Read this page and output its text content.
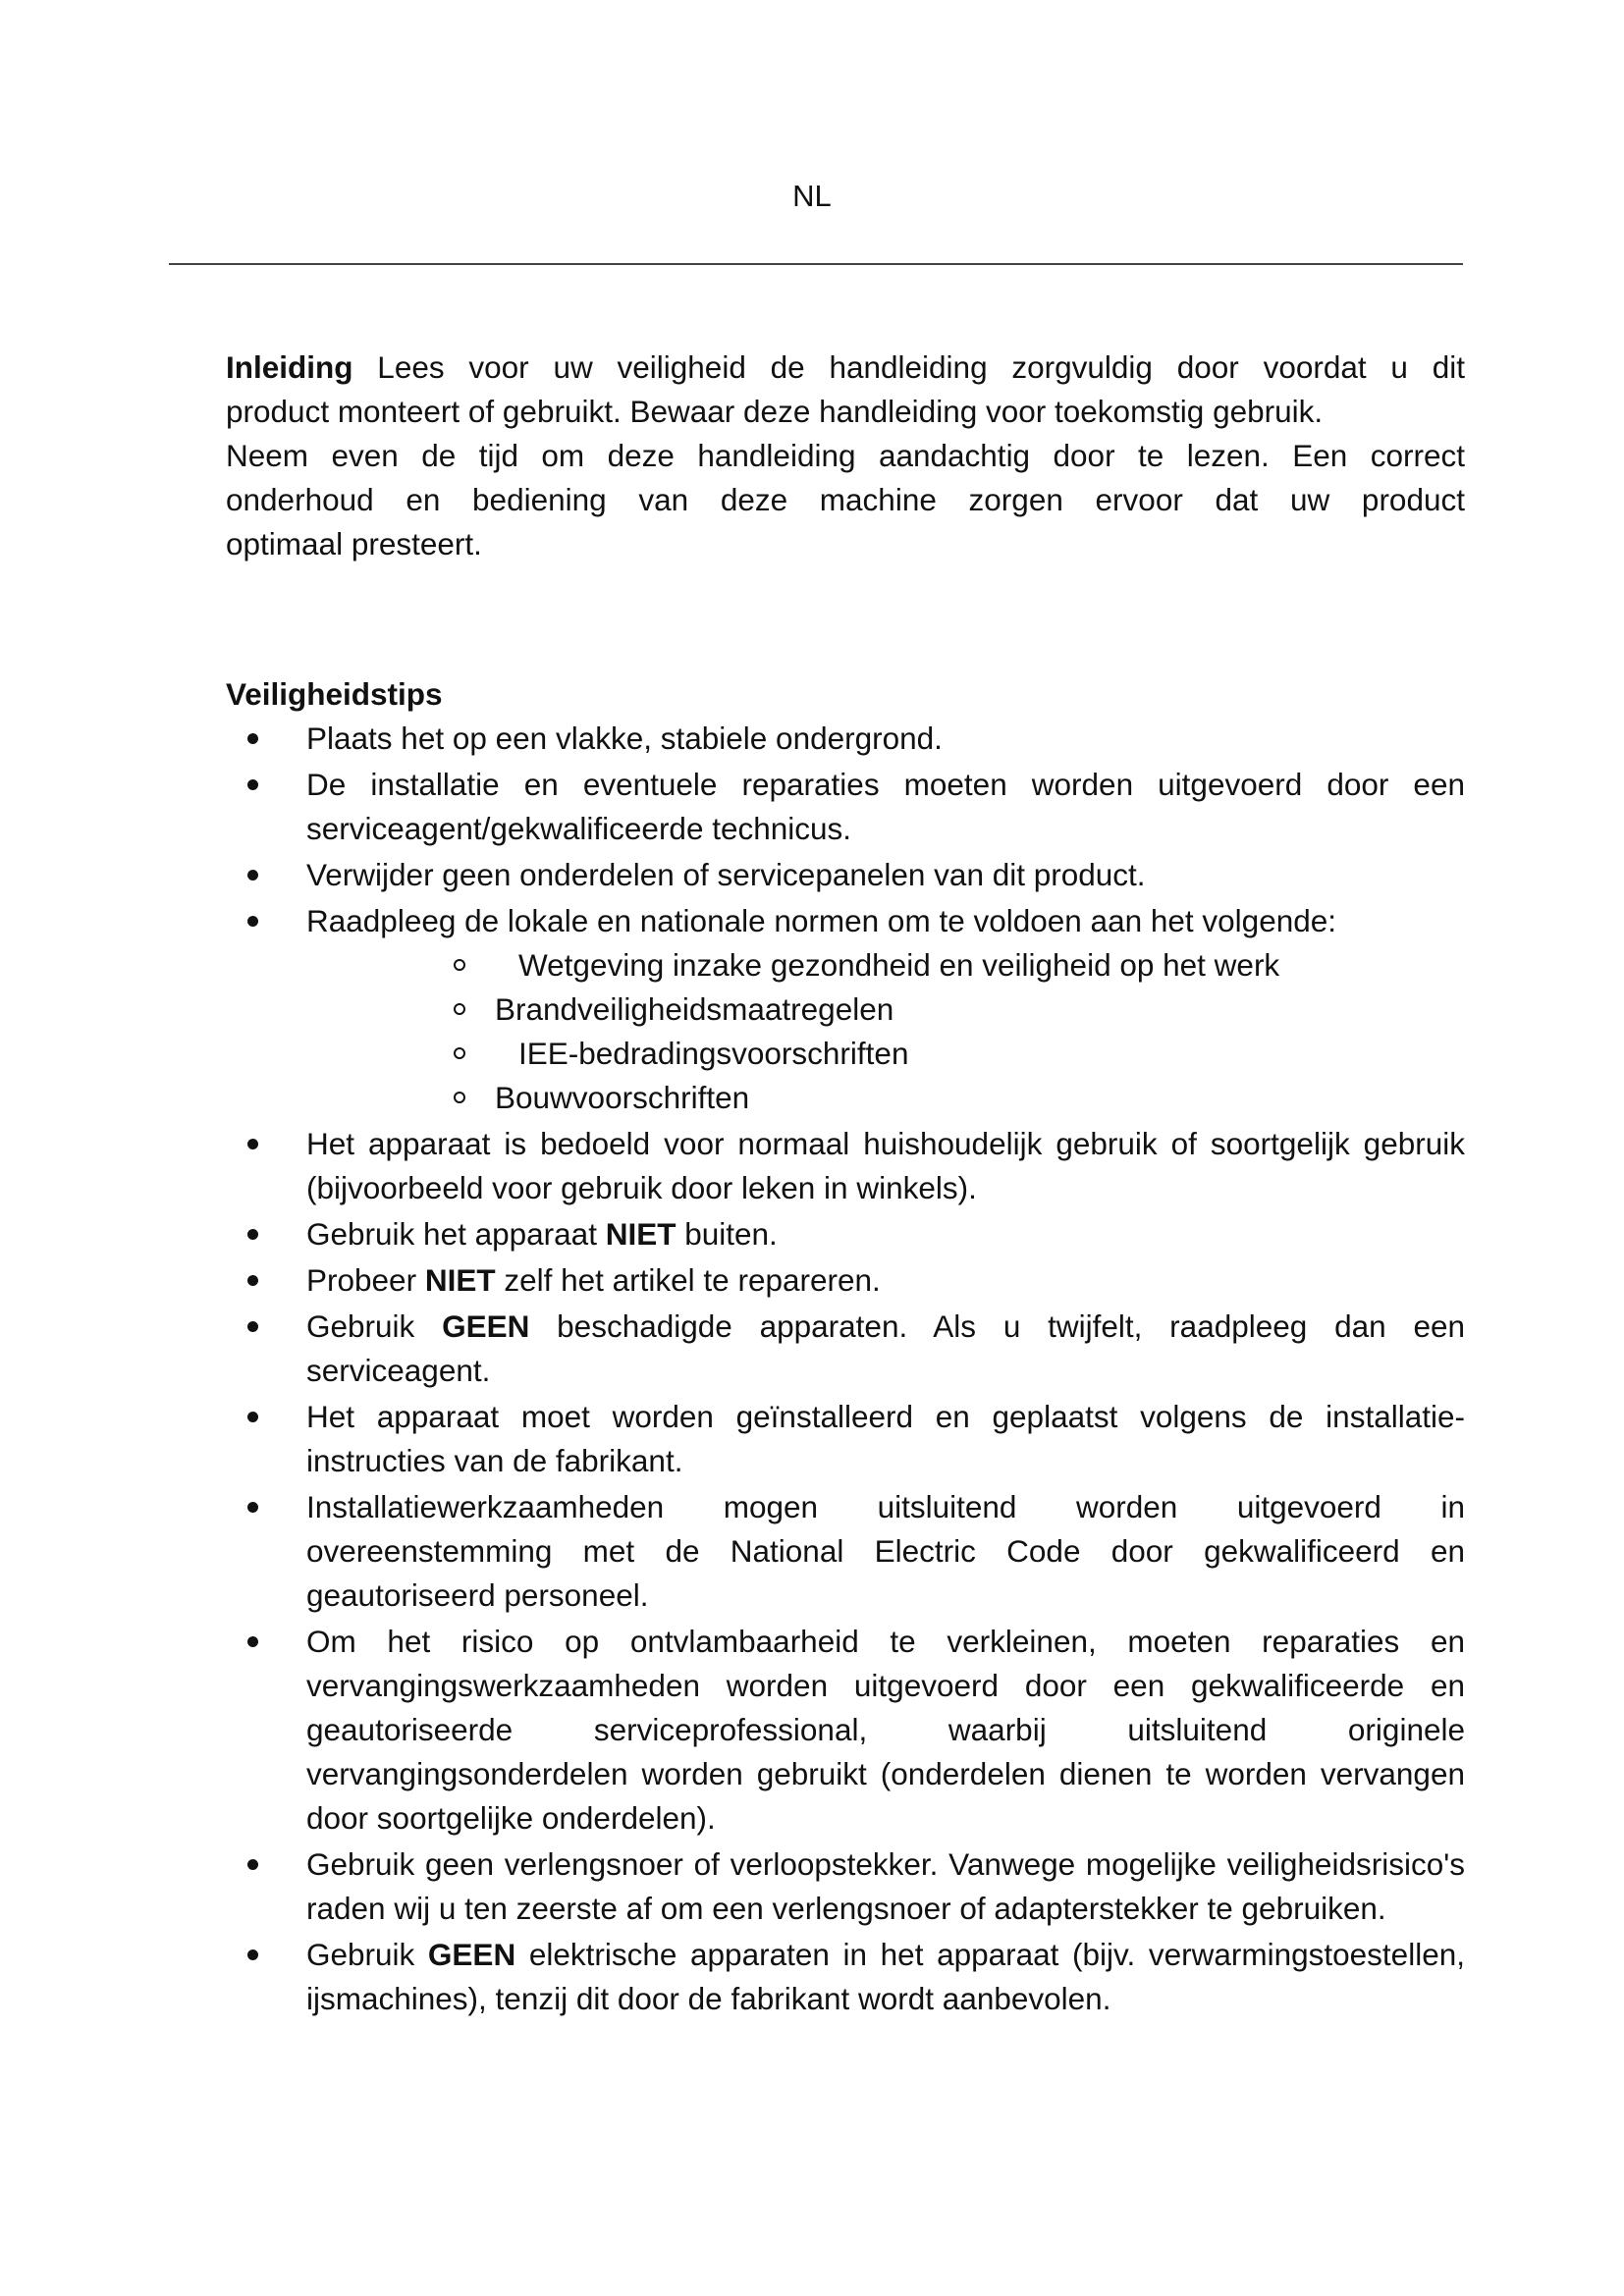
NL

Inleiding Lees voor uw veiligheid de handleiding zorgvuldig door voordat u dit
product monteert of gebruikt. Bewaar deze handleiding voor toekomstig gebruik.
Neem even de tijd om deze handleiding aandachtig door te lezen. Een correct
onderhoud en bediening van deze machine zorgen ervoor dat uw product
optimaal presteert.

Veiligheidstips
Plaats het op een vlakke, stabiele ondergrond.
De installatie en eventuele reparaties moeten worden uitgevoerd door een serviceagent/gekwalificeerde technicus.
Verwijder geen onderdelen of servicepanelen van dit product.
Raadpleeg de lokale en nationale normen om te voldoen aan het volgende:
Wetgeving inzake gezondheid en veiligheid op het werk
Brandveiligheidsmaatregelen
IEE-bedradingsvoorschriften
Bouwvoorschriften
Het apparaat is bedoeld voor normaal huishoudelijk gebruik of soortgelijk gebruik (bijvoorbeeld voor gebruik door leken in winkels).
Gebruik het apparaat NIET buiten.
Probeer NIET zelf het artikel te repareren.
Gebruik GEEN beschadigde apparaten. Als u twijfelt, raadpleeg dan een serviceagent.
Het apparaat moet worden geïnstalleerd en geplaatst volgens de installatie-instructies van de fabrikant.
Installatiewerkzaamheden mogen uitsluitend worden uitgevoerd in overeenstemming met de National Electric Code door gekwalificeerd en geautoriseerd personeel.
Om het risico op ontvlambaarheid te verkleinen, moeten reparaties en vervangingswerkzaamheden worden uitgevoerd door een gekwalificeerde en geautoriseerde serviceprofessional, waarbij uitsluitend originele vervangingsonderdelen worden gebruikt (onderdelen dienen te worden vervangen door soortgelijke onderdelen).
Gebruik geen verlengsnoer of verloopstekker. Vanwege mogelijke veiligheidsrisico's raden wij u ten zeerste af om een verlengsnoer of adapterstekker te gebruiken.
Gebruik GEEN elektrische apparaten in het apparaat (bijv. verwarmingstoestellen, ijsmachines), tenzij dit door de fabrikant wordt aanbevolen.
